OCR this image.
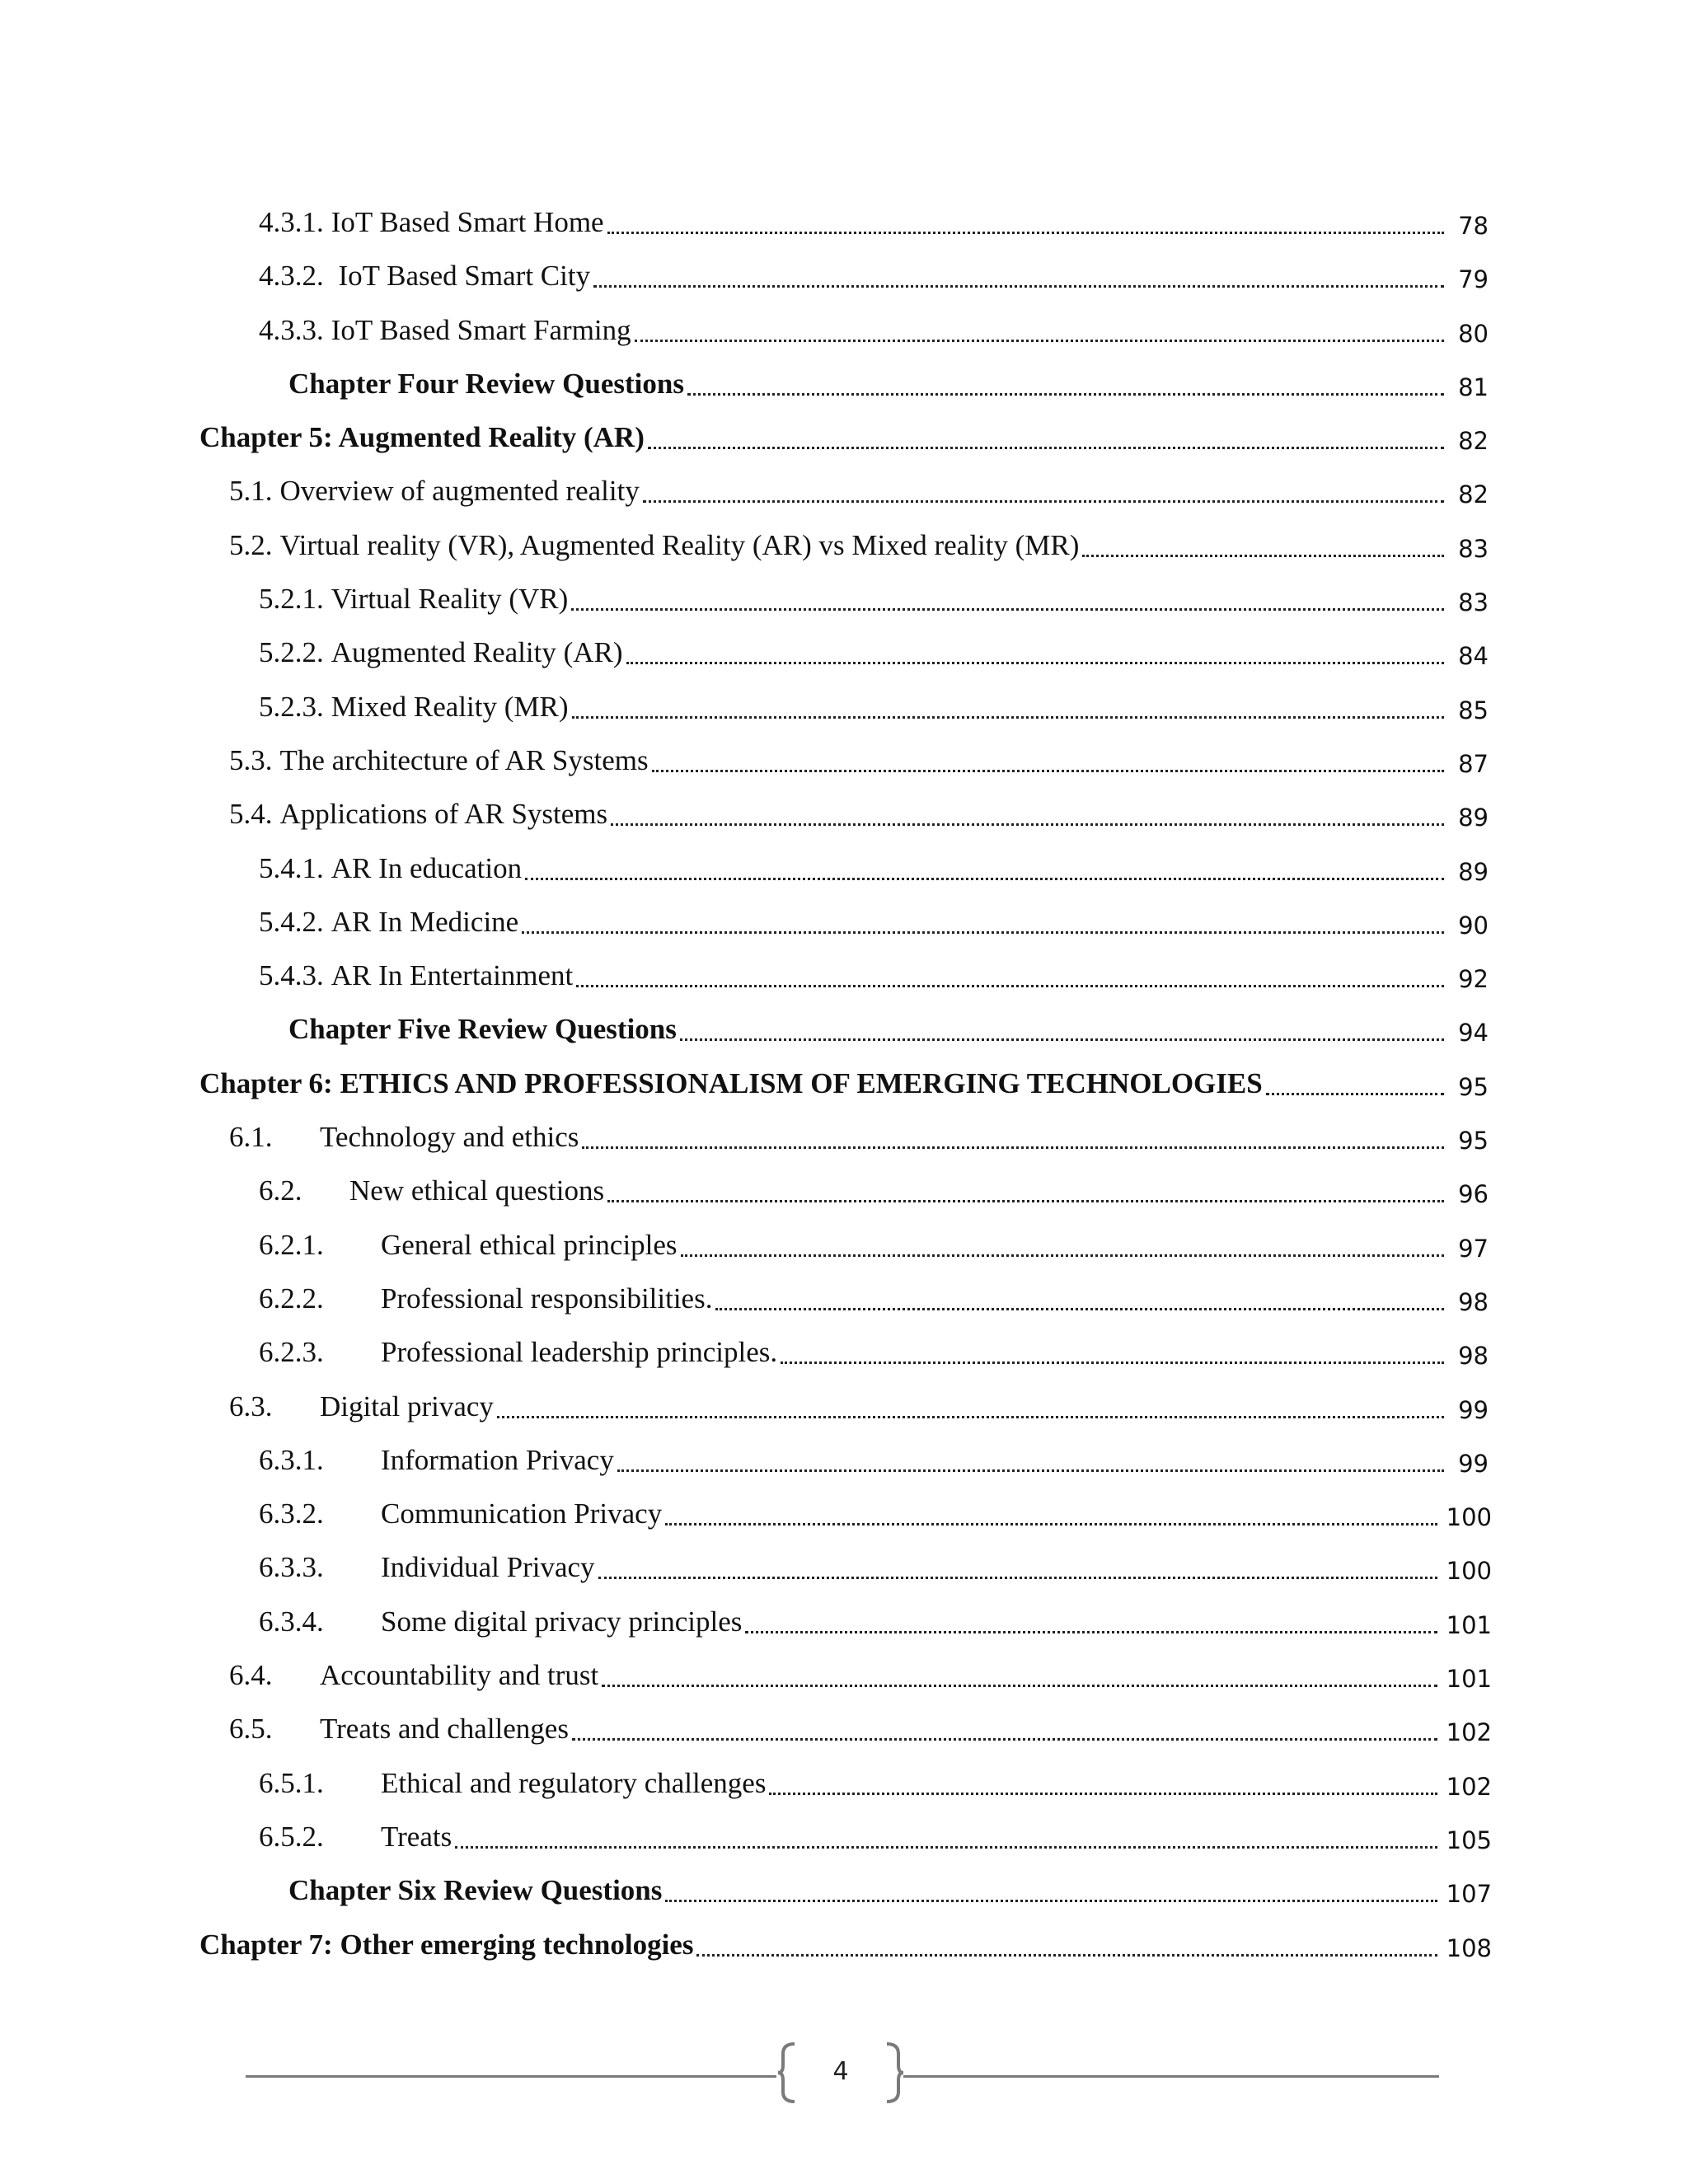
4.3.1. IoT Based Smart Home	78
4.3.2. IoT Based Smart City	79
4.3.3. IoT Based Smart Farming	80
Chapter Four Review Questions	81
Chapter 5: Augmented Reality (AR)	82
5.1. Overview of augmented reality	82
5.2. Virtual reality (VR), Augmented Reality (AR) vs Mixed reality (MR)	83
5.2.1. Virtual Reality (VR)	83
5.2.2. Augmented Reality (AR)	84
5.2.3. Mixed Reality (MR)	85
5.3. The architecture of AR Systems	87
5.4. Applications of AR Systems	89
5.4.1. AR In education	89
5.4.2. AR In Medicine	90
5.4.3. AR In Entertainment	92
Chapter Five Review Questions	94
Chapter 6: ETHICS AND PROFESSIONALISM OF EMERGING TECHNOLOGIES	95
6.1.	Technology and ethics	95
6.2.	New ethical questions	96
6.2.1.	General ethical principles	97
6.2.2.	Professional responsibilities.	98
6.2.3.	Professional leadership principles.	98
6.3.	Digital privacy	99
6.3.1.	Information Privacy	99
6.3.2.	Communication Privacy	100
6.3.3.	Individual Privacy	100
6.3.4.	Some digital privacy principles	101
6.4.	Accountability and trust	101
6.5.	Treats and challenges	102
6.5.1.	Ethical and regulatory challenges	102
6.5.2.	Treats	105
Chapter Six Review Questions	107
Chapter 7: Other emerging technologies	108
4
